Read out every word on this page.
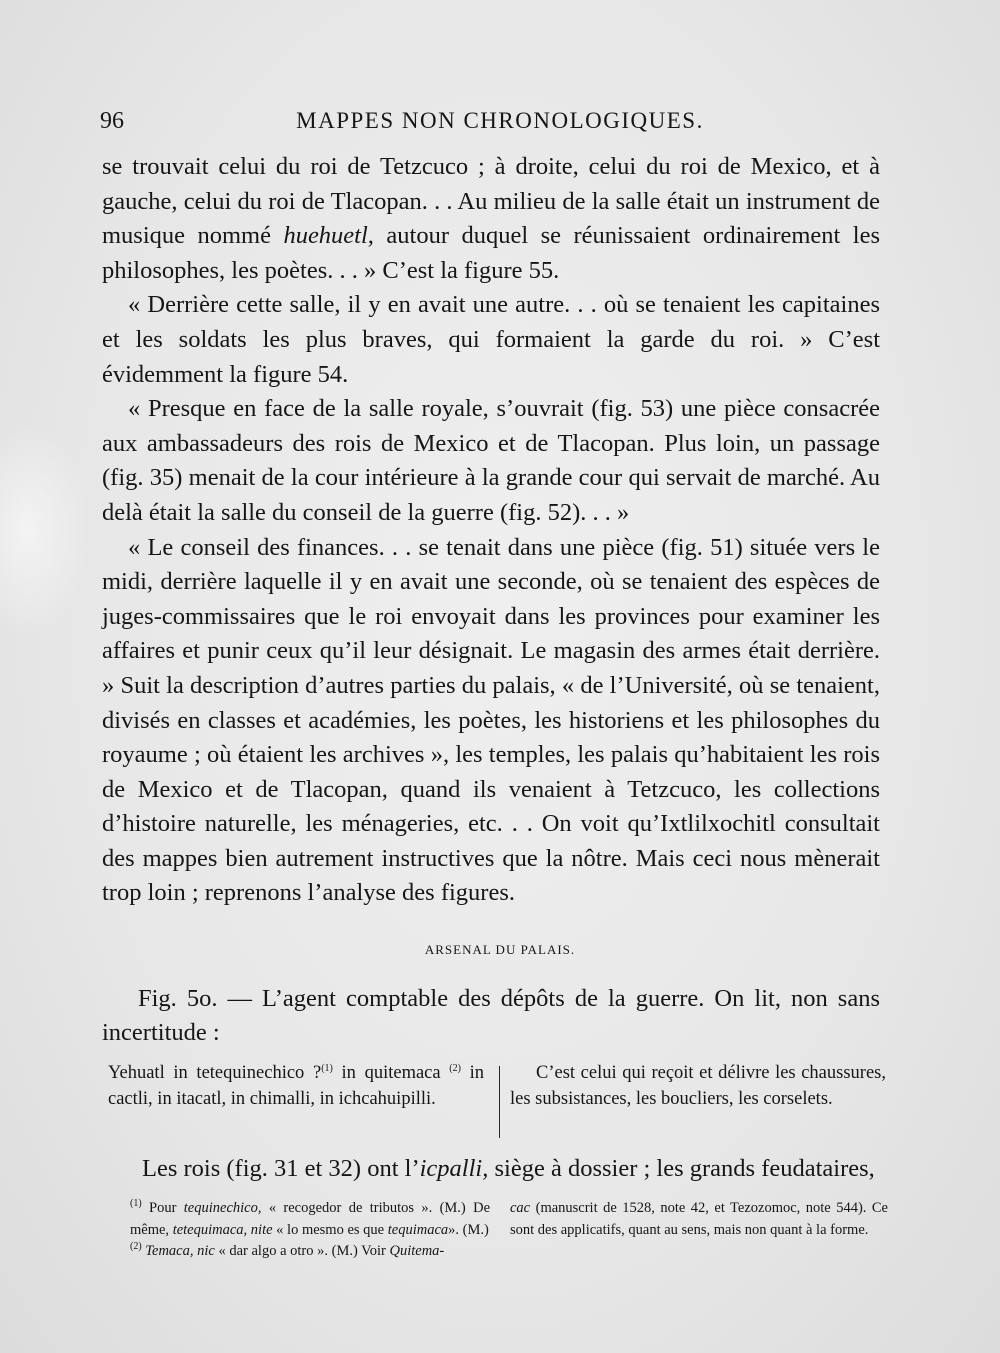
96	MAPPES NON CHRONOLOGIQUES.

se trouvait celui du roi de Tetzcuco ; à droite, celui du roi de Mexico, et à gauche, celui du roi de Tlacopan. . . Au milieu de la salle était un instrument de musique nommé huehuetl, autour duquel se réunissaient ordinairement les philosophes, les poètes. . . » C’est la figure 55.

« Derrière cette salle, il y en avait une autre. . . où se tenaient les capitaines et les soldats les plus braves, qui formaient la garde du roi. » C’est évidemment la figure 54.

« Presque en face de la salle royale, s’ouvrait (fig. 53) une pièce consacrée aux ambassadeurs des rois de Mexico et de Tlacopan. Plus loin, un passage (fig. 35) menait de la cour intérieure à la grande cour qui servait de marché. Au delà était la salle du conseil de la guerre (fig. 52). . . »

« Le conseil des finances. . . se tenait dans une pièce (fig. 51) située vers le midi, derrière laquelle il y en avait une seconde, où se tenaient des espèces de juges-commissaires que le roi envoyait dans les provinces pour examiner les affaires et punir ceux qu’il leur désignait. Le magasin des armes était derrière. » Suit la description d’autres parties du palais, « de l’Université, où se tenaient, divisés en classes et académies, les poètes, les historiens et les philosophes du royaume ; où étaient les archives », les temples, les palais qu’habitaient les rois de Mexico et de Tlacopan, quand ils venaient à Tetzcuco, les collections d’histoire naturelle, les ménageries, etc. . . On voit qu’Ixtlilxochitl consultait des mappes bien autrement instructives que la nôtre. Mais ceci nous mènerait trop loin ; reprenons l’analyse des figures.

ARSENAL DU PALAIS.

Fig. 5o. — L’agent comptable des dépôts de la guerre. On lit, non sans incertitude :

Yehuatl in tetequinechico ?$^{(1)}$ in quitemaca $^{(2)}$ in cactli, in itacatl, in chimalli, in ichcahuipilli.

C’est celui qui reçoit et délivre les chaussures, les subsistances, les boucliers, les corselets.

Les rois (fig. 31 et 32) ont l’icpalli, siège à dossier ; les grands feudataires,

$^{(1)}$ Pour tequinechico, « recogedor de tributos ». (M.) De même, tetequimaca, nite « lo mesmo es que tequimaca». (M.)

$^{(2)}$ Temaca, nic « dar algo a otro ». (M.) Voir Quitema-

cac (manuscrit de 1528, note 42, et Tezozomoc, note 544). Ce sont des applicatifs, quant au sens, mais non quant à la forme.
